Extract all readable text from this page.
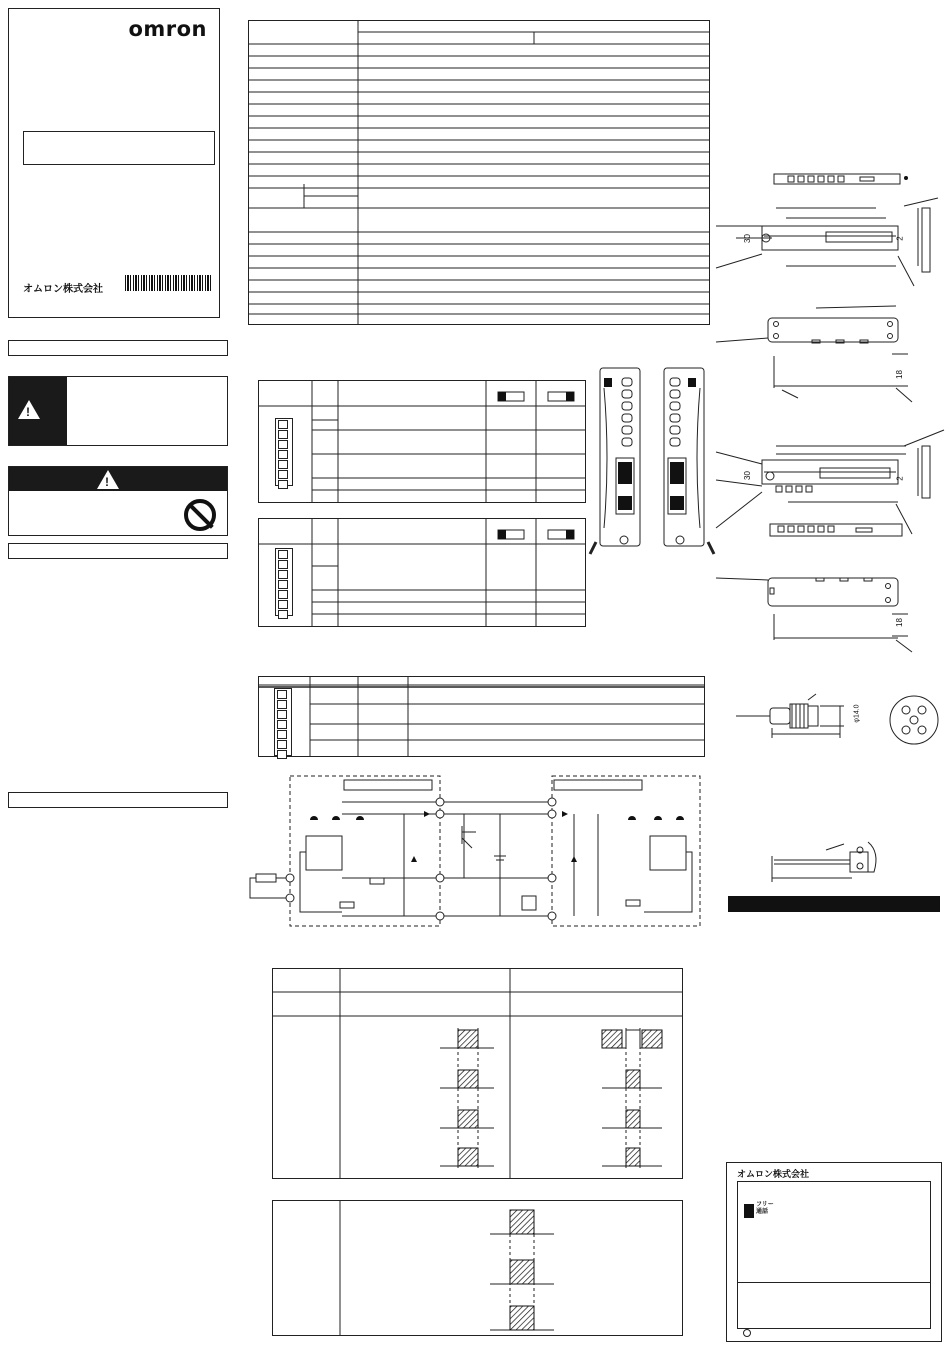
omron
オムロン株式会社
!
!
30
18
30
18
2
2
φ14.0
オムロン株式会社
フリー
通話
